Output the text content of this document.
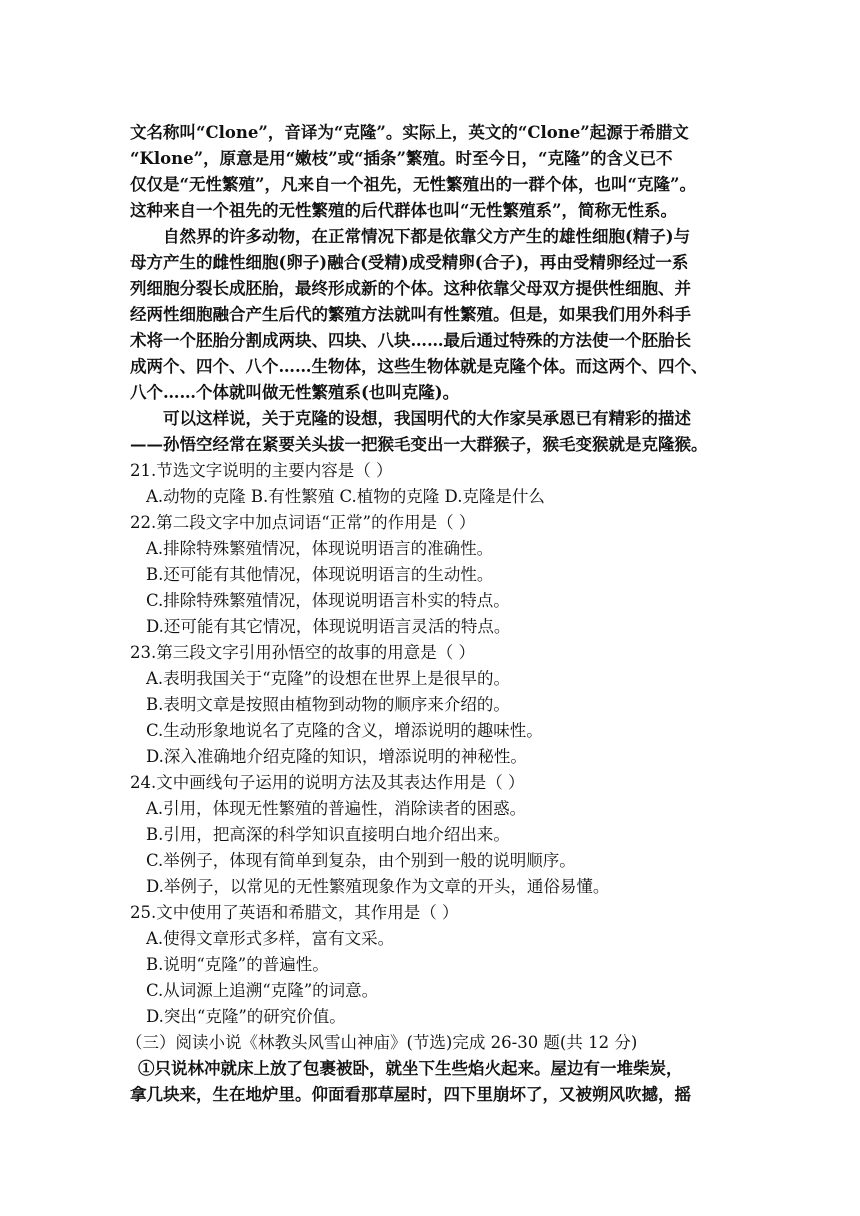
文名称叫“Clone”，音译为“克隆”。实际上，英文的“Clone”起源于希腊文
“Klone”，原意是用“嫩枝”或“插条”繁殖。时至今日，“克隆”的含义已不
仅仅是“无性繁殖”，凡来自一个祖先，无性繁殖出的一群个体，也叫“克隆”。
这种来自一个祖先的无性繁殖的后代群体也叫“无性繁殖系”，简称无性系。
自然界的许多动物，在正常情况下都是依靠父方产生的雄性细胞(精子)与
母方产生的雌性细胞(卵子)融合(受精)成受精卵(合子)，再由受精卵经过一系
列细胞分裂长成胚胎，最终形成新的个体。这种依靠父母双方提供性细胞、并
经两性细胞融合产生后代的繁殖方法就叫有性繁殖。但是，如果我们用外科手
术将一个胚胎分割成两块、四块、八块……最后通过特殊的方法使一个胚胎长
成两个、四个、八个……生物体，这些生物体就是克隆个体。而这两个、四个、
八个……个体就叫做无性繁殖系(也叫克隆)。
可以这样说，关于克隆的设想，我国明代的大作家吴承恩已有精彩的描述
——孙悟空经常在紧要关头拔一把猴毛变出一大群猴子，猴毛变猴就是克隆猴。
21.节选文字说明的主要内容是（ ）
A.动物的克隆 B.有性繁殖 C.植物的克隆 D.克隆是什么
22.第二段文字中加点词语“正常”的作用是（ ）
A.排除特殊繁殖情况，体现说明语言的准确性。
B.还可能有其他情况，体现说明语言的生动性。
C.排除特殊繁殖情况，体现说明语言朴实的特点。
D.还可能有其它情况，体现说明语言灵活的特点。
23.第三段文字引用孙悟空的故事的用意是（ ）
A.表明我国关于“克隆”的设想在世界上是很早的。
B.表明文章是按照由植物到动物的顺序来介绍的。
C.生动形象地说名了克隆的含义，增添说明的趣味性。
D.深入准确地介绍克隆的知识，增添说明的神秘性。
24.文中画线句子运用的说明方法及其表达作用是（ ）
A.引用，体现无性繁殖的普遍性，消除读者的困惑。
B.引用，把高深的科学知识直接明白地介绍出来。
C.举例子，体现有简单到复杂，由个别到一般的说明顺序。
D.举例子，以常见的无性繁殖现象作为文章的开头，通俗易懂。
25.文中使用了英语和希腊文，其作用是（ ）
A.使得文章形式多样，富有文采。
B.说明“克隆”的普遍性。
C.从词源上追溯“克隆”的词意。
D.突出“克隆”的研究价值。
（三）阅读小说《林教头风雪山神庙》(节选)完成 26-30 题(共 12 分)
①只说林冲就床上放了包裹被卧，就坐下生些焰火起来。屋边有一堆柴炭，
拿几块来，生在地炉里。仰面看那草屋时，四下里崩坏了，又被朔风吹撼，摇
